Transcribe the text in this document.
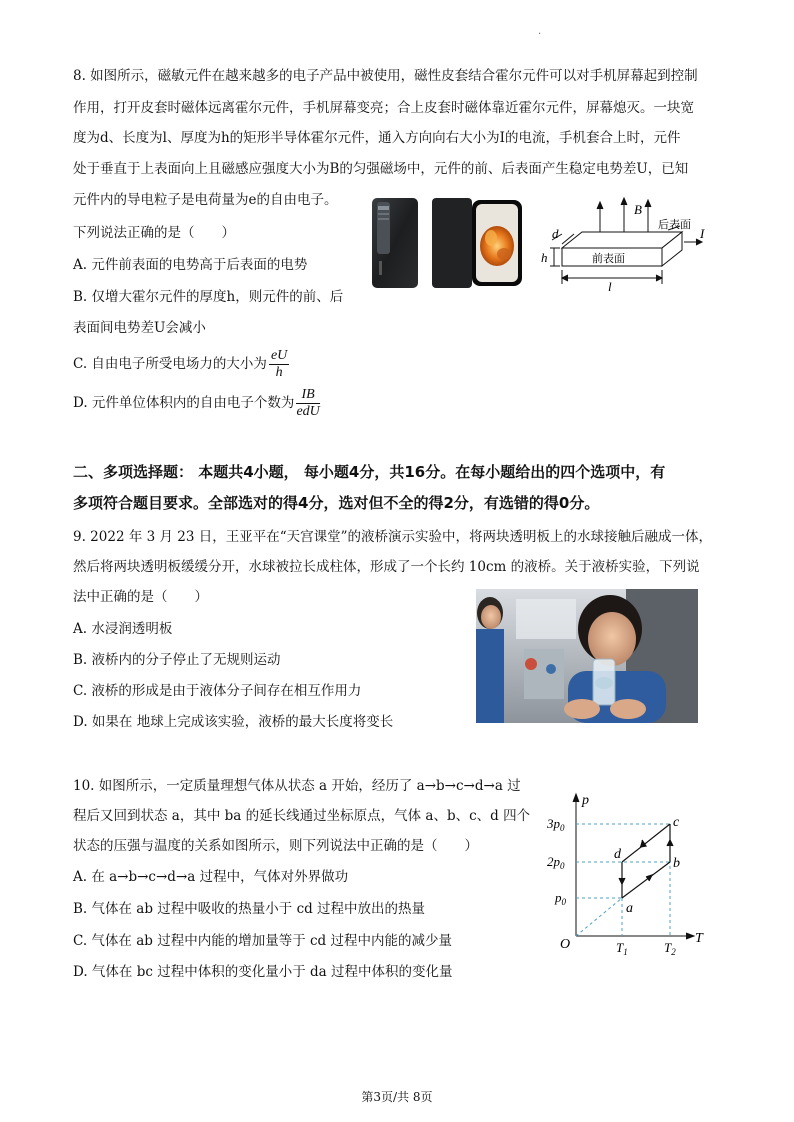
.
8. 如图所示，磁敏元件在越来越多的电子产品中被使用，磁性皮套结合霍尔元件可以对手机屏幕起到控制
作用，打开皮套时磁体远离霍尔元件，手机屏幕变亮；合上皮套时磁体靠近霍尔元件，屏幕熄灭。一块宽
度为d、长度为l、厚度为h的矩形半导体霍尔元件，通入方向向右大小为I的电流，手机套合上时，元件
处于垂直于上表面向上且磁感应强度大小为B的匀强磁场中，元件的前、后表面产生稳定电势差U，已知
元件内的导电粒子是电荷量为e的自由电子。
下列说法正确的是（　　）
A. 元件前表面的电势高于后表面的电势
B. 仅增大霍尔元件的厚度h，则元件的前、后
表面间电势差U会减小
C. 自由电子所受电场力的大小为 $\frac{eU}{h}$
D. 元件单位体积内的自由电子个数为 $\frac{IB}{\text{edU}}$
B
后表面
前表面
I
d
h
l
二、多项选择题： 本题共4小题， 每小题4分，共16分。在每小题给出的四个选项中，有
多项符合题目要求。全部选对的得4分，选对但不全的得2分，有选错的得0分。
9. 2022 年 3 月 23 日，王亚平在“天宫课堂”的液桥演示实验中，将两块透明板上的水球接触后融成一体，
然后将两块透明板缓缓分开，水球被拉长成柱体，形成了一个长约 10cm 的液桥。关于液桥实验，下列说
法中正确的是（　　）
A. 水浸润透明板
B. 液桥内的分子停止了无规则运动
C. 液桥的形成是由于液体分子间存在相互作用力
D. 如果在 地球上完成该实验，液桥的最大长度将变长
10. 如图所示，一定质量理想气体从状态 a 开始，经历了 a→b→c→d→a 过
程后又回到状态 a，其中 ba 的延长线通过坐标原点，气体 a、b、c、d 四个
状态的压强与温度的关系如图所示，则下列说法中正确的是（　　）
A. 在 a→b→c→d→a 过程中，气体对外界做功
B. 气体在 ab 过程中吸收的热量小于 cd 过程中放出的热量
C. 气体在 ab 过程中内能的增加量等于 cd 过程中内能的减少量
D. 气体在 bc 过程中体积的变化量小于 da 过程中体积的变化量
p
T
O
$3p_0$
$2p_0$
$p_0$
$T_1$	$T_2$
a
b
c
d
第3页/共 8页
